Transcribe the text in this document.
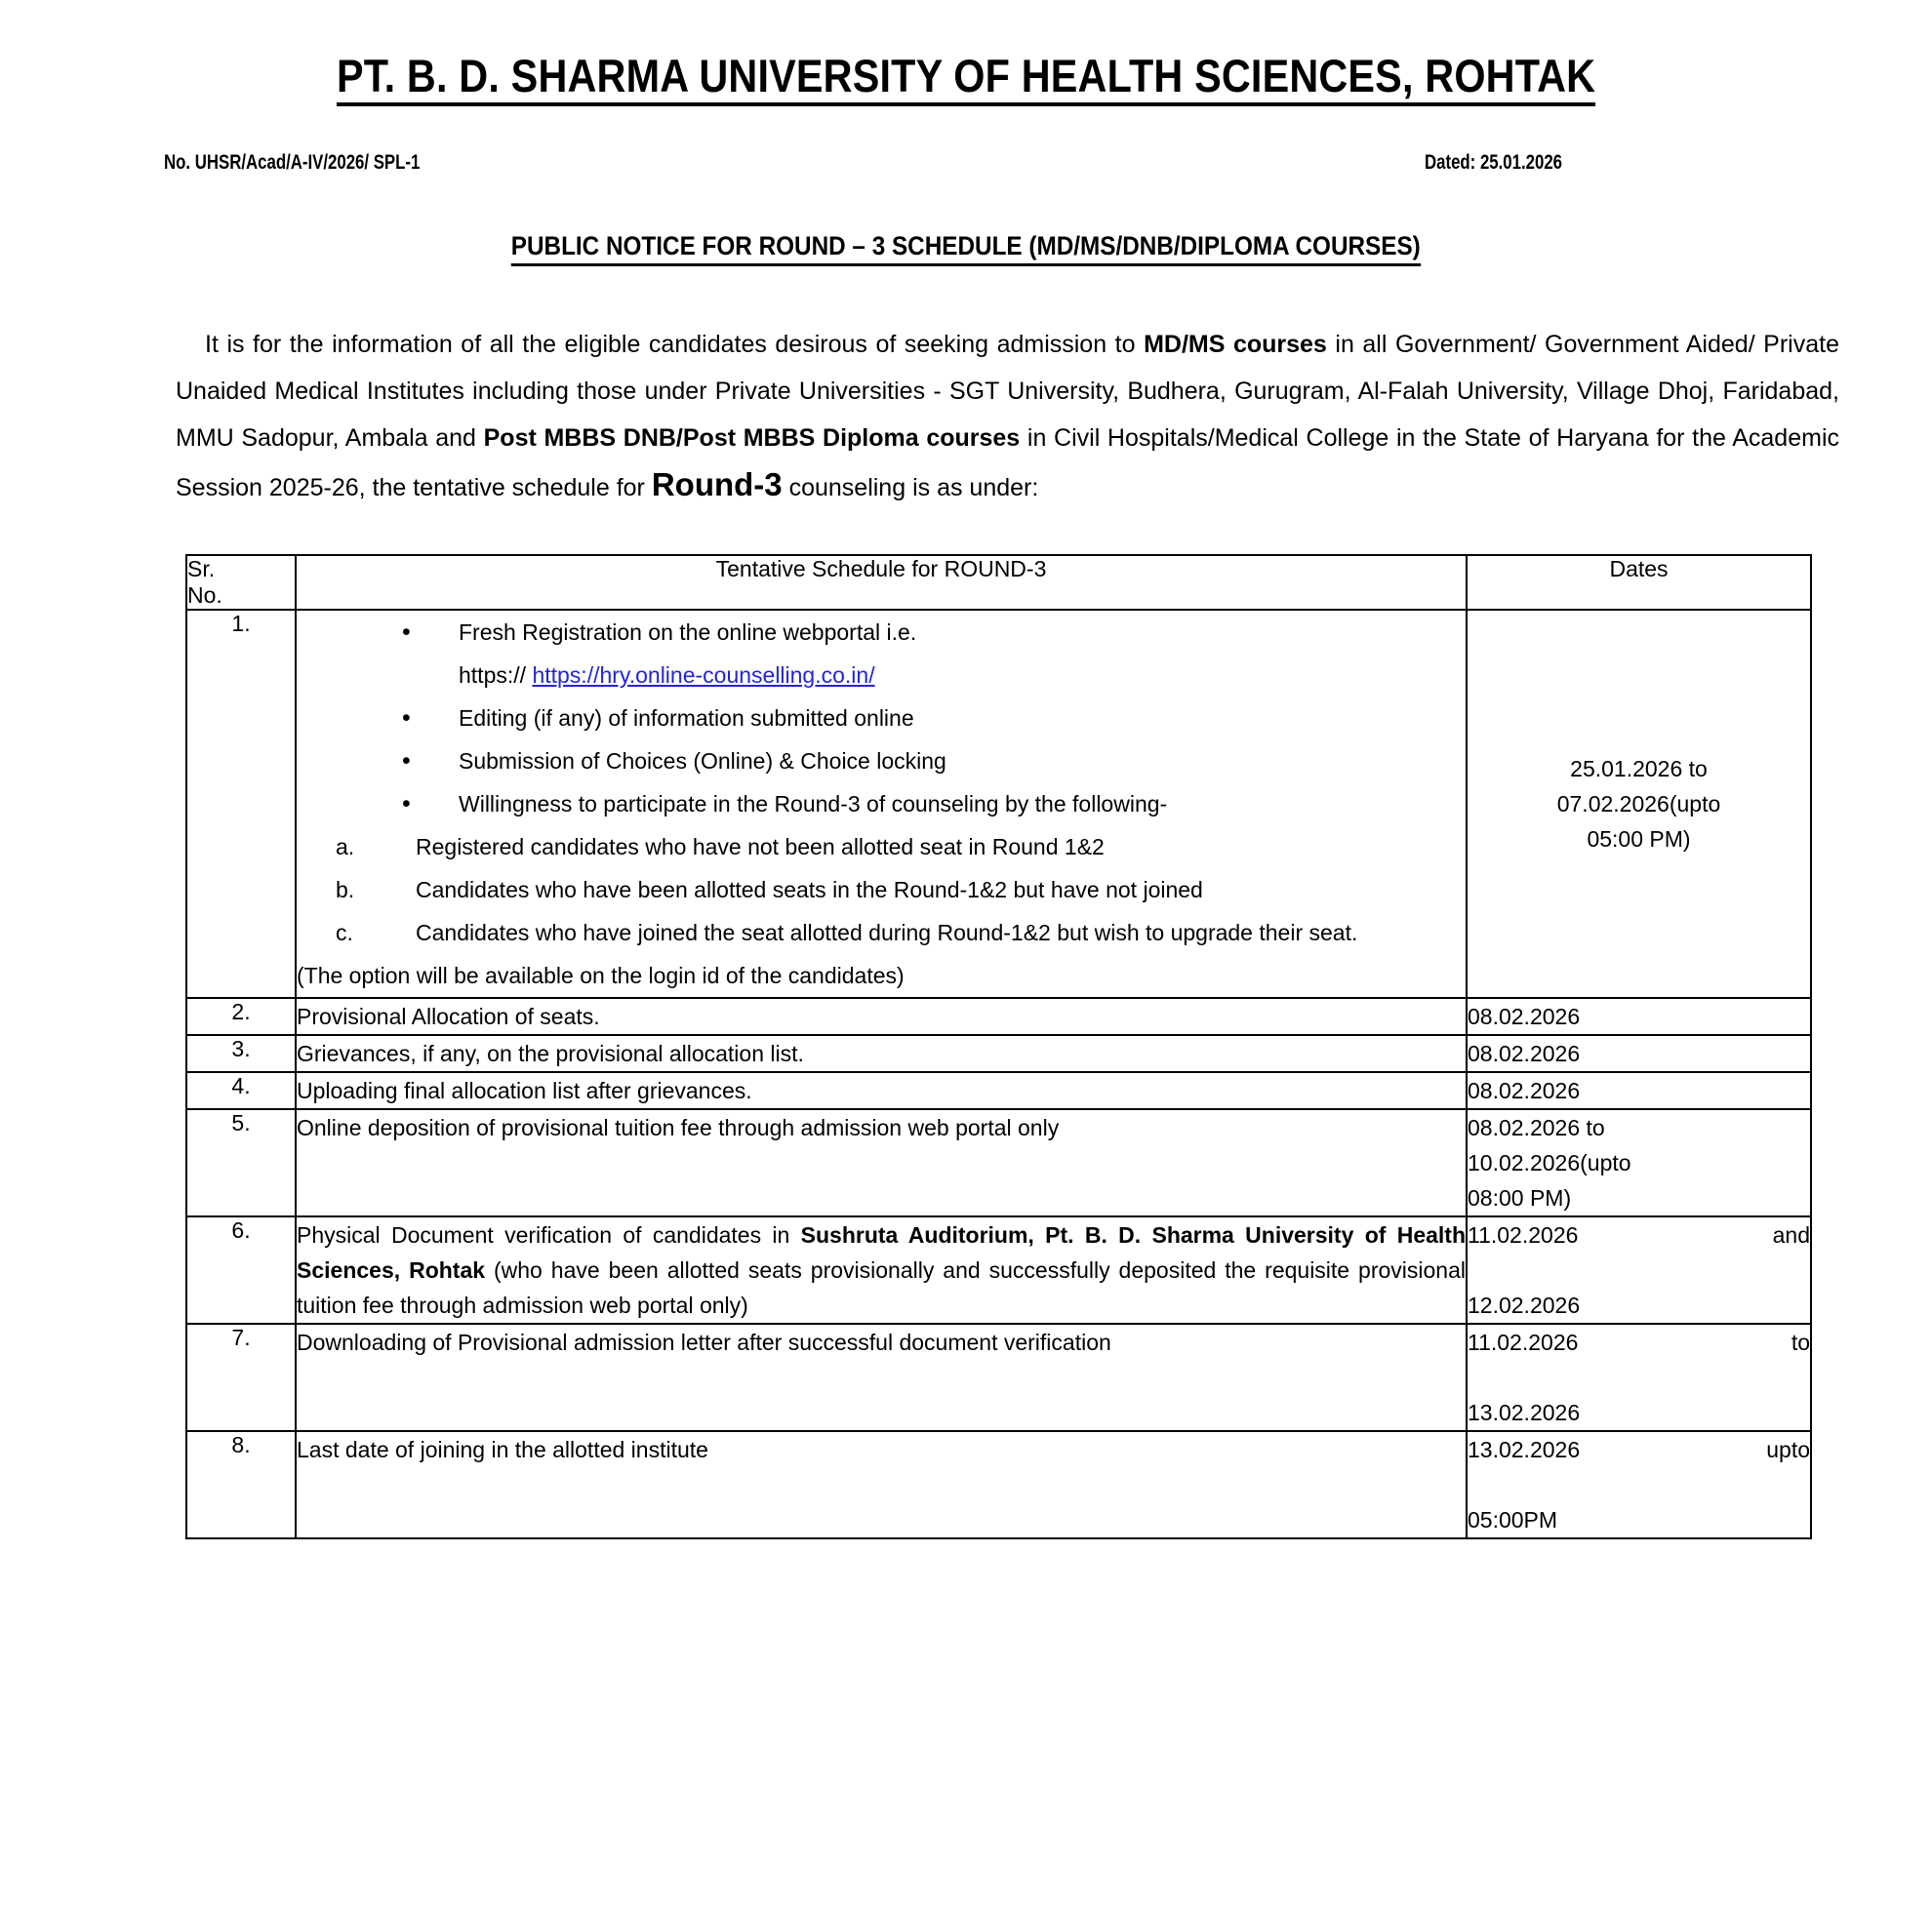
PT. B. D. SHARMA UNIVERSITY OF HEALTH SCIENCES, ROHTAK
No. UHSR/Acad/A-IV/2026/ SPL-1	Dated: 25.01.2026
PUBLIC NOTICE FOR ROUND – 3 SCHEDULE (MD/MS/DNB/DIPLOMA COURSES)

It is for the information of all the eligible candidates desirous of seeking admission to MD/MS courses in all Government/ Government Aided/ Private Unaided Medical Institutes including those under Private Universities - SGT University, Budhera, Gurugram, Al-Falah University, Village Dhoj, Faridabad, MMU Sadopur, Ambala and Post MBBS DNB/Post MBBS Diploma courses in Civil Hospitals/Medical College in the State of Haryana for the Academic Session 2025-26, the tentative schedule for Round-3 counseling is as under:

Sr.
No.	Tentative Schedule for ROUND-3	Dates
1.	
•Fresh Registration on the online webportal i.e.
https:// https://hry.online-counselling.co.in/
• Editing (if any) of information submitted online
• Submission of Choices (Online) & Choice locking
• Willingness to participate in the Round-3 of counseling by the following-
a.	Registered candidates who have not been allotted seat in Round 1&2
b.	Candidates who have been allotted seats in the Round-1&2 but have not joined
c.	Candidates who have joined the seat allotted during Round-1&2 but wish to upgrade their seat.
(The option will be available on the login id of the candidates)
	25.01.2026 to
07.02.2026(upto
05:00 PM)
2.	Provisional Allocation of seats.	08.02.2026
3.	Grievances, if any, on the provisional allocation list.	08.02.2026
4.	Uploading final allocation list after grievances.	08.02.2026
5.	Online deposition of provisional tuition fee through admission web portal only	08.02.2026 to
10.02.2026(upto
08:00 PM)
6.	Physical Document verification of candidates in Sushruta Auditorium, Pt. B. D. Sharma University of Health Sciences, Rohtak (who have been allotted seats provisionally and successfully deposited the requisite provisional tuition fee through admission web portal only)	11.02.2026 and
12.02.2026
7.	Downloading of Provisional admission letter after successful document verification	11.02.2026 to
13.02.2026
8.	Last date of joining in the allotted institute	13.02.2026 upto
05:00PM
